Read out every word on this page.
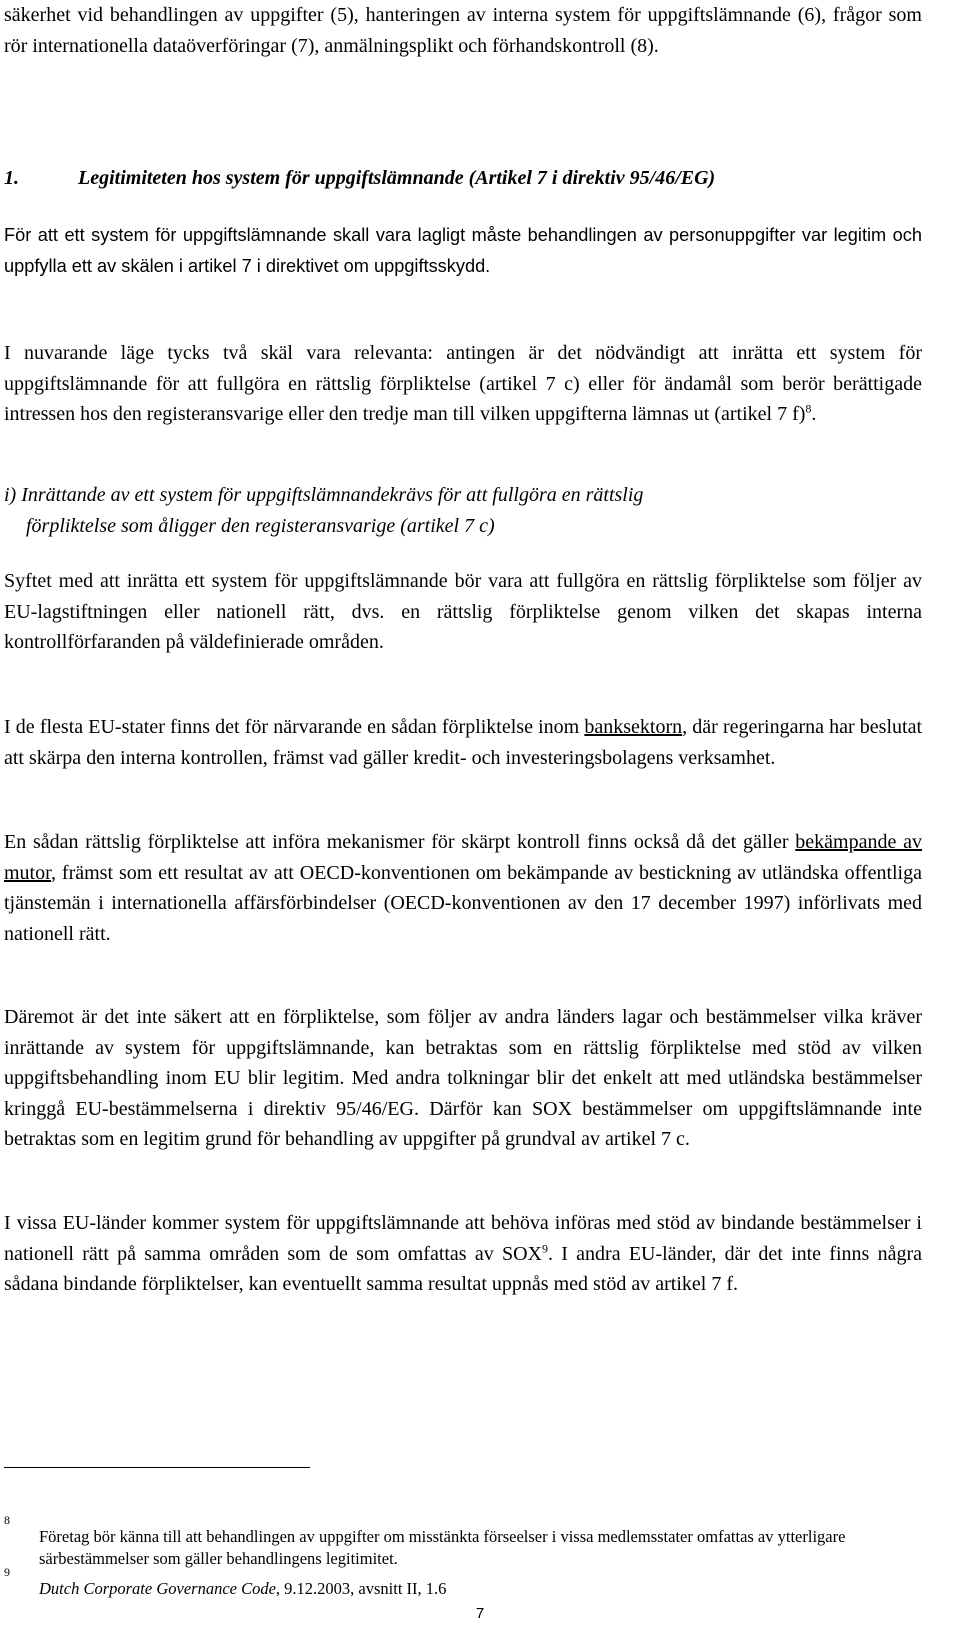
säkerhet vid behandlingen av uppgifter (5), hanteringen av interna system för uppgiftslämnande (6), frågor som rör internationella dataöverföringar (7), anmälningsplikt och förhandskontroll (8).

1.	Legitimiteten hos system för uppgiftslämnande (Artikel 7 i direktiv 95/46/EG)

För att ett system för uppgiftslämnande skall vara lagligt måste behandlingen av personuppgifter var legitim och uppfylla ett av skälen i artikel 7 i direktivet om uppgiftsskydd.

I nuvarande läge tycks två skäl vara relevanta: antingen är det nödvändigt att inrätta ett system för uppgiftslämnande för att fullgöra en rättslig förpliktelse (artikel 7 c) eller för ändamål som berör berättigade intressen hos den registeransvarige eller den tredje man till vilken uppgifterna lämnas ut (artikel 7 f)$^8$.

i) Inrättande av ett system för uppgiftslämnandekrävs för att fullgöra en rättslig
förpliktelse som åligger den registeransvarige (artikel 7 c)

Syftet med att inrätta ett system för uppgiftslämnande bör vara att fullgöra en rättslig förpliktelse som följer av EU-lagstiftningen eller nationell rätt, dvs. en rättslig förpliktelse genom vilken det skapas interna kontrollförfaranden på väldefinierade områden.

I de flesta EU-stater finns det för närvarande en sådan förpliktelse inom banksektorn, där regeringarna har beslutat att skärpa den interna kontrollen, främst vad gäller kredit- och investeringsbolagens verksamhet.

En sådan rättslig förpliktelse att införa mekanismer för skärpt kontroll finns också då det gäller bekämpande av mutor, främst som ett resultat av att OECD-konventionen om bekämpande av bestickning av utländska offentliga tjänstemän i internationella affärsförbindelser (OECD-konventionen av den 17 december 1997) införlivats med nationell rätt.

Däremot är det inte säkert att en förpliktelse, som följer av andra länders lagar och bestämmelser vilka kräver inrättande av system för uppgiftslämnande, kan betraktas som en rättslig förpliktelse med stöd av vilken uppgiftsbehandling inom EU blir legitim. Med andra tolkningar blir det enkelt att med utländska bestämmelser kringgå EU-bestämmelserna i direktiv 95/46/EG. Därför kan SOX bestämmelser om uppgiftslämnande inte betraktas som en legitim grund för behandling av uppgifter på grundval av artikel 7 c.

I vissa EU-länder kommer system för uppgiftslämnande att behöva införas med stöd av bindande bestämmelser i nationell rätt på samma områden som de som omfattas av SOX$^9$. I andra EU-länder, där det inte finns några sådana bindande förpliktelser, kan eventuellt samma resultat uppnås med stöd av artikel 7 f.

8
Företag bör känna till att behandlingen av uppgifter om misstänkta förseelser i vissa medlemsstater omfattas av ytterligare särbestämmelser som gäller behandlingens legitimitet.
9
Dutch Corporate Governance Code, 9.12.2003, avsnitt II, 1.6
7
